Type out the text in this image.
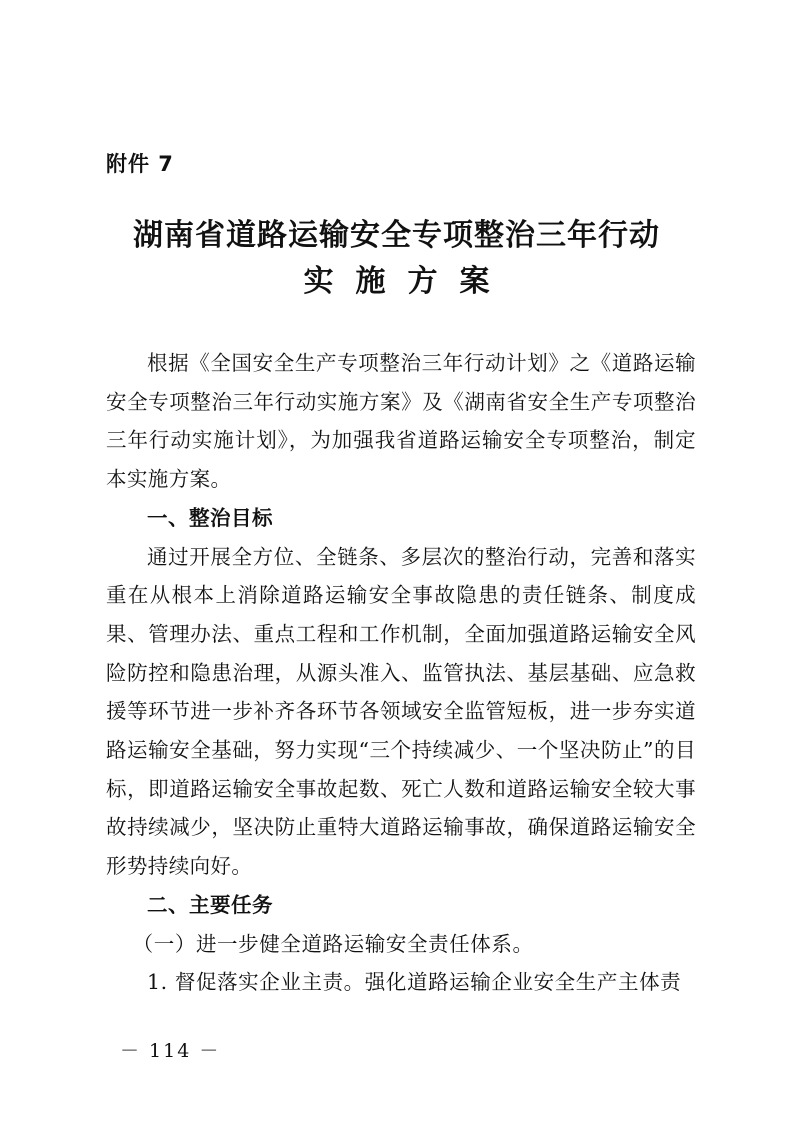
附件 7
湖南省道路运输安全专项整治三年行动
实施方案

根据《全国安全生产专项整治三年行动计划》之《道路运输安全专项整治三年行动实施方案》及《湖南省安全生产专项整治三年行动实施计划》，为加强我省道路运输安全专项整治，制定本实施方案。

一、整治目标

通过开展全方位、全链条、多层次的整治行动，完善和落实重在从根本上消除道路运输安全事故隐患的责任链条、制度成果、管理办法、重点工程和工作机制，全面加强道路运输安全风险防控和隐患治理，从源头准入、监管执法、基层基础、应急救援等环节进一步补齐各环节各领域安全监管短板，进一步夯实道路运输安全基础，努力实现“三个持续减少、一个坚决防止”的目标，即道路运输安全事故起数、死亡人数和道路运输安全较大事故持续减少，坚决防止重特大道路运输事故，确保道路运输安全形势持续向好。

二、主要任务

（一）进一步健全道路运输安全责任体系。

1. 督促落实企业主责。强化道路运输企业安全生产主体责

－ 114 －
